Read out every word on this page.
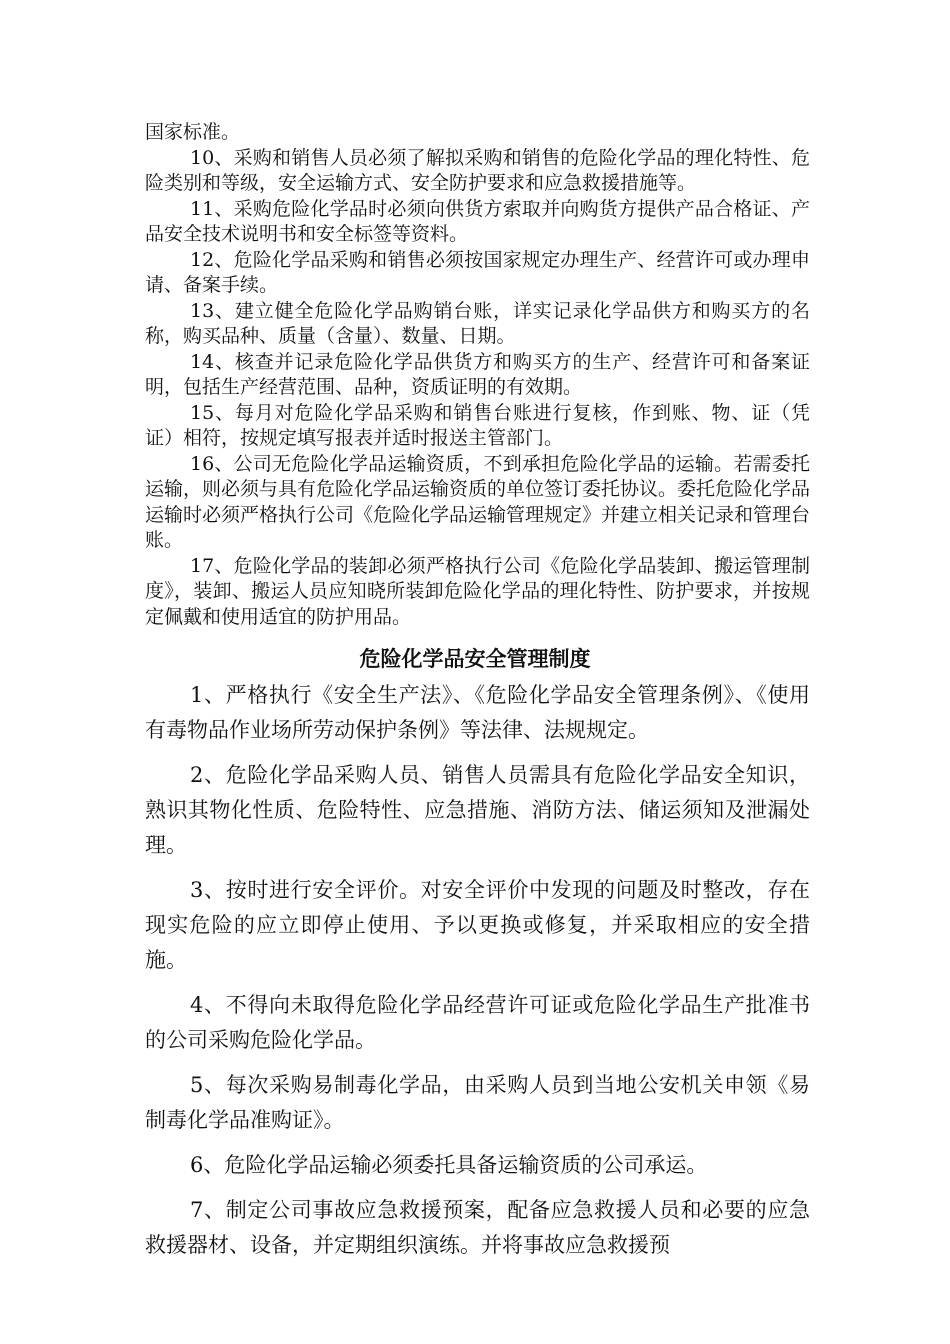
国家标准。

10、采购和销售人员必须了解拟采购和销售的危险化学品的理化特性、危险类别和等级，安全运输方式、安全防护要求和应急救援措施等。

11、采购危险化学品时必须向供货方索取并向购货方提供产品合格证、产品安全技术说明书和安全标签等资料。

12、危险化学品采购和销售必须按国家规定办理生产、经营许可或办理申请、备案手续。

13、建立健全危险化学品购销台账，详实记录化学品供方和购买方的名称，购买品种、质量（含量）、数量、日期。

14、核查并记录危险化学品供货方和购买方的生产、经营许可和备案证明，包括生产经营范围、品种，资质证明的有效期。

15、每月对危险化学品采购和销售台账进行复核，作到账、物、证（凭证）相符，按规定填写报表并适时报送主管部门。

16、公司无危险化学品运输资质，不到承担危险化学品的运输。若需委托运输，则必须与具有危险化学品运输资质的单位签订委托协议。委托危险化学品运输时必须严格执行公司《危险化学品运输管理规定》并建立相关记录和管理台账。

17、危险化学品的装卸必须严格执行公司《危险化学品装卸、搬运管理制度》，装卸、搬运人员应知晓所装卸危险化学品的理化特性、防护要求，并按规定佩戴和使用适宜的防护用品。

危险化学品安全管理制度

1、严格执行《安全生产法》、《危险化学品安全管理条例》、《使用有毒物品作业场所劳动保护条例》等法律、法规规定。

2、危险化学品采购人员、销售人员需具有危险化学品安全知识，熟识其物化性质、危险特性、应急措施、消防方法、储运须知及泄漏处理。

3、按时进行安全评价。对安全评价中发现的问题及时整改，存在现实危险的应立即停止使用、予以更换或修复，并采取相应的安全措施。

4、不得向未取得危险化学品经营许可证或危险化学品生产批准书的公司采购危险化学品。

5、每次采购易制毒化学品，由采购人员到当地公安机关申领《易制毒化学品准购证》。

6、危险化学品运输必须委托具备运输资质的公司承运。

7、制定公司事故应急救援预案，配备应急救援人员和必要的应急救援器材、设备，并定期组织演练。并将事故应急救援预
